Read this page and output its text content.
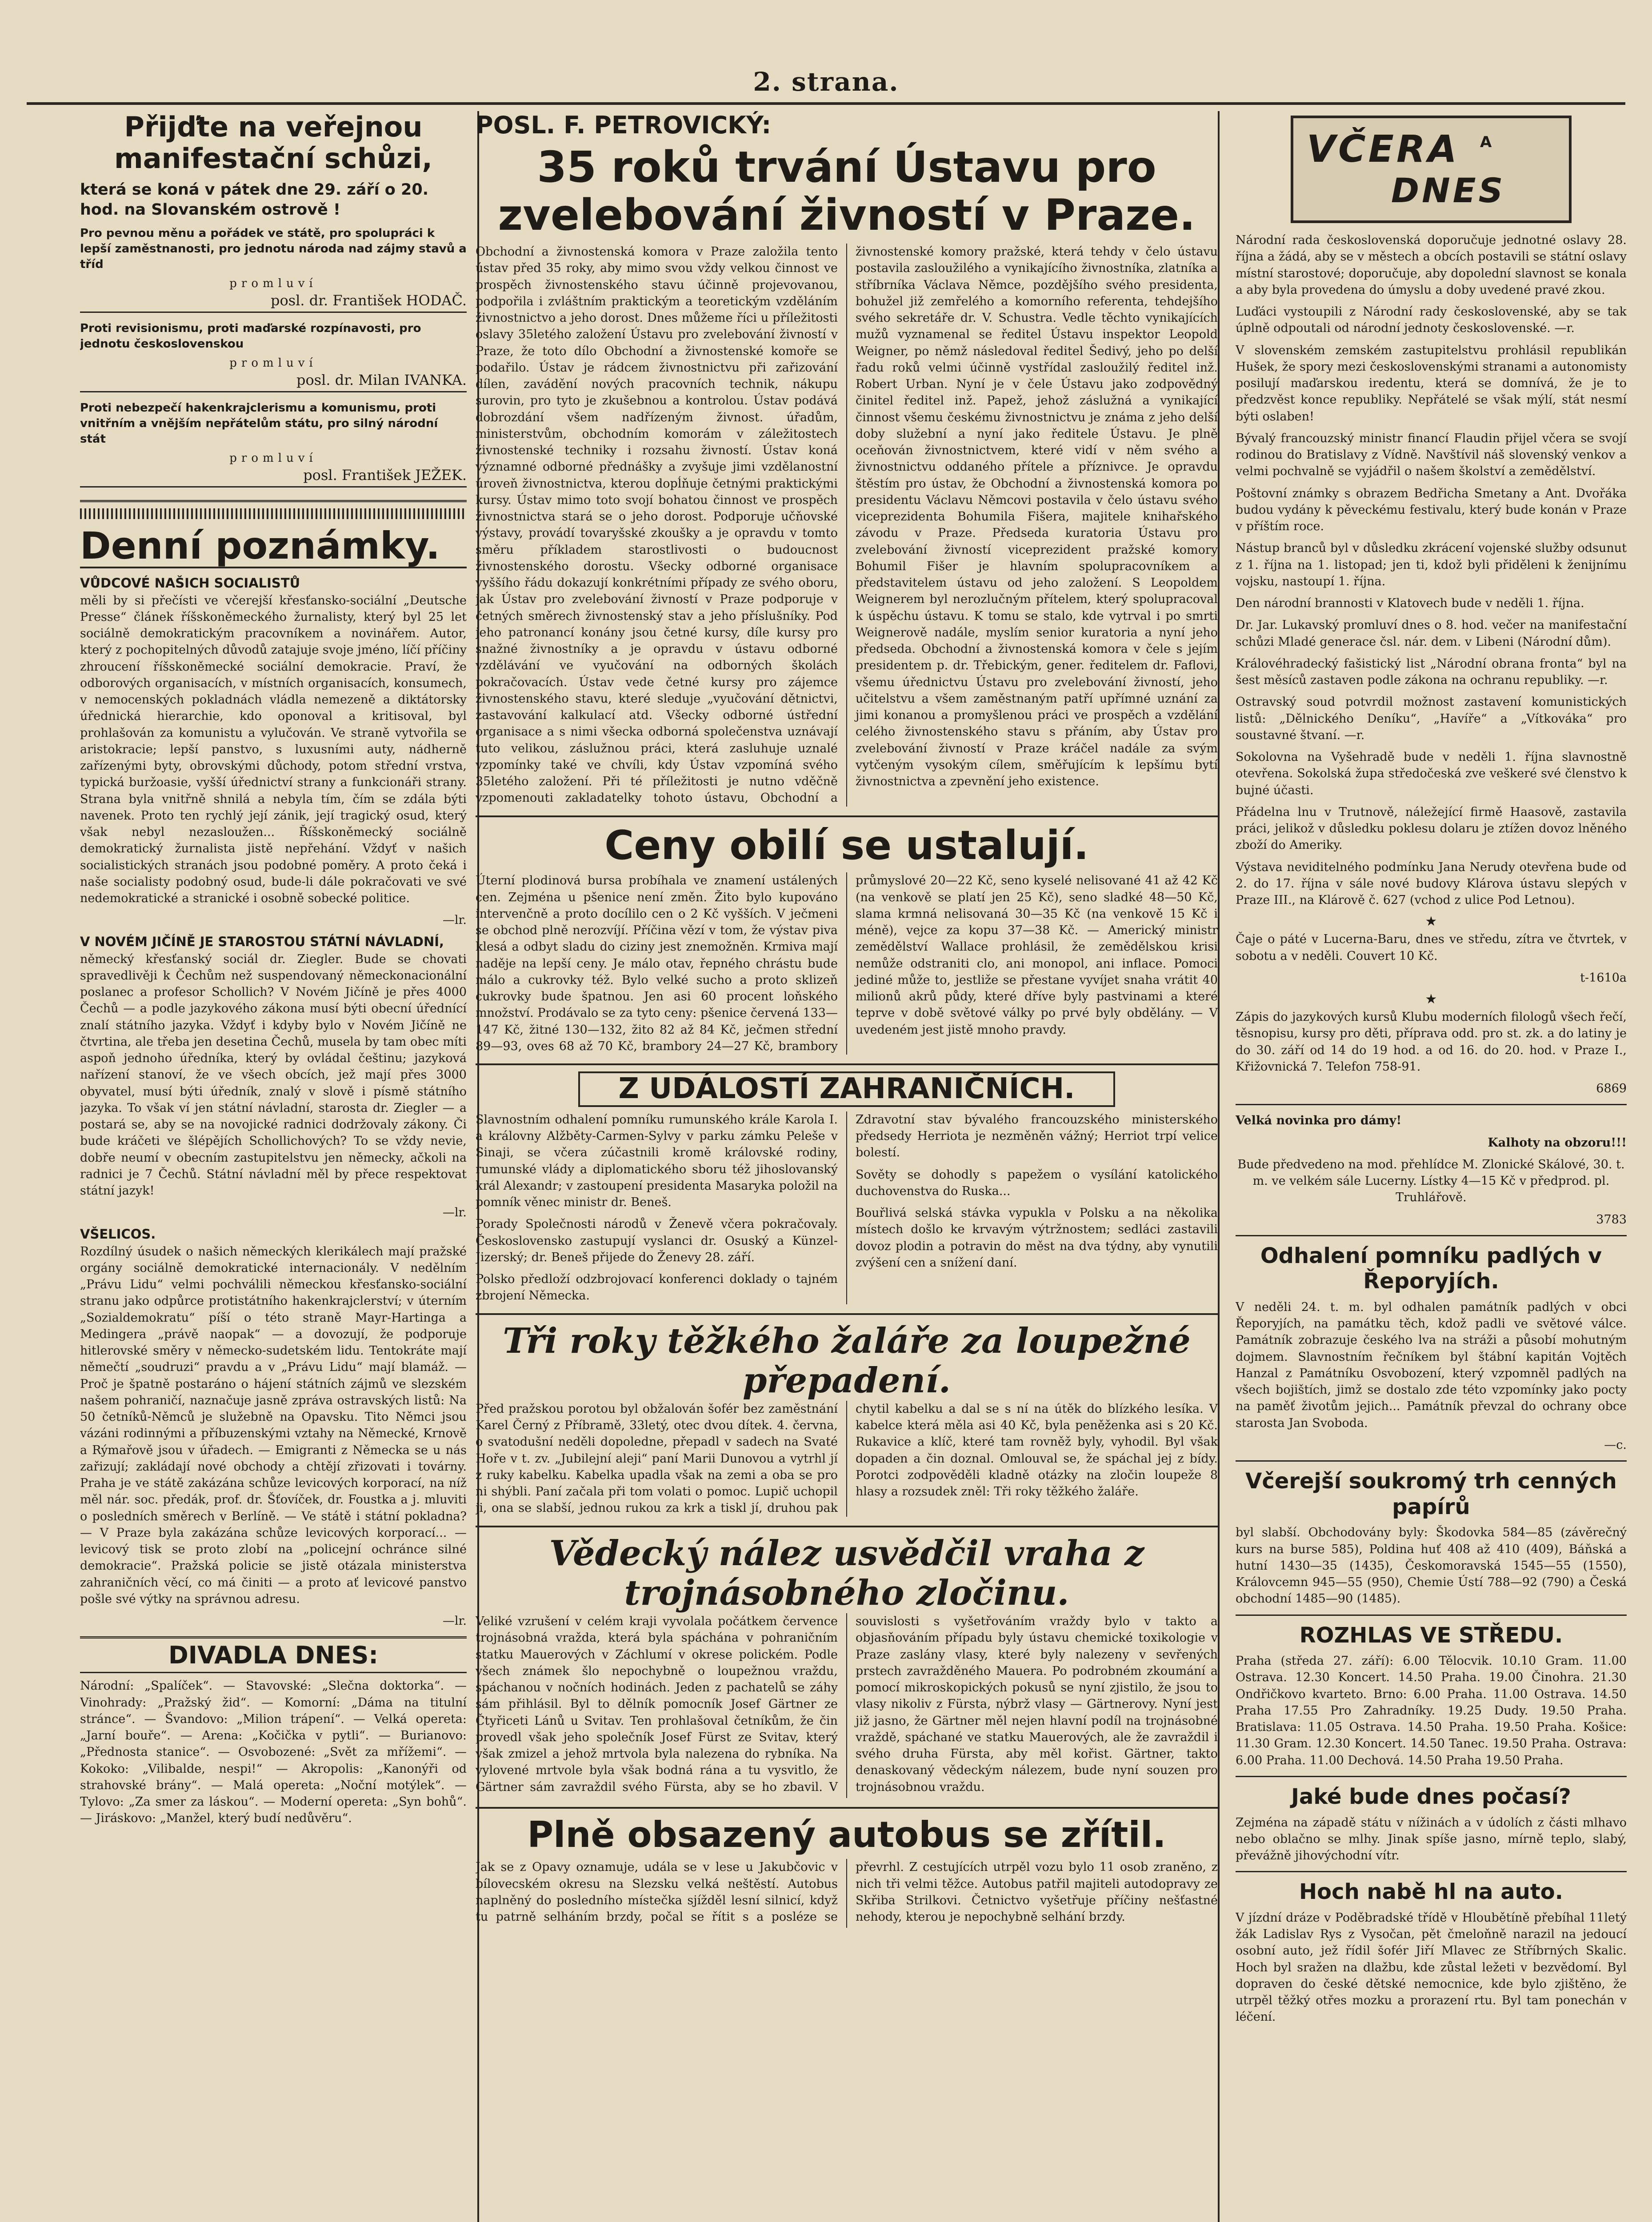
2. strana.
Přijďte na veřejnou manifestační schůzi,
která se koná v pátek dne 29. září o 20. hod. na Slovanském ostrově !
Pro pevnou měnu a pořádek ve státě, pro spolupráci k lepší zaměstnanosti, pro jednotu národa nad zájmy stavů a tříd
promluví
posl. dr. František HODAČ.
Proti revisionismu, proti maďarské rozpínavosti, pro jednotu československou
promluví
posl. dr. Milan IVANKA.
Proti nebezpečí hakenkrajclerismu a komunismu, proti vnitřním a vnějším nepřátelům státu, pro silný národní stát
promluví
posl. František JEŽEK.
Denní poznámky.
VŮDCOVÉ NAŠICH SOCIALISTŮ

měli by si přečísti ve včerejší křesťansko-sociální „Deutsche Presse“ článek říšskoněmeckého žurnalisty, který byl 25 let sociálně demokratickým pracovníkem a novinářem. Autor, který z pochopitelných důvodů zatajuje svoje jméno, líčí příčiny zhroucení říšskoněmecké sociální demokracie. Praví, že odborových organisacích, v místních organisacích, konsumech, v nemocenských pokladnách vládla nemezeně a diktátorsky úřednická hierarchie, kdo oponoval a kritisoval, byl prohlašován za komunistu a vylučován. Ve straně vytvořila se aristokracie; lepší panstvo, s luxusními auty, nádherně zařízenými byty, obrovskými důchody, potom střední vrstva, typická buržoasie, vyšší úřednictví strany a funkcionáři strany. Strana byla vnitřně shnilá a nebyla tím, čím se zdála býti navenek. Proto ten rychlý její zánik, její tragický osud, který však nebyl nezasloužen... Říšskoněmecký sociálně demokratický žurnalista jistě nepřehání. Vždyť v našich socialistických stranách jsou podobné poměry. A proto čeká i naše socialisty podobný osud, bude-li dále pokračovati ve své nedemokratické a stranické i osobně sobecké politice.

—lr.

V NOVÉM JIČÍNĚ JE STAROSTOU STÁTNÍ NÁVLADNÍ,

německý křesťanský sociál dr. Ziegler. Bude se chovati spravedlivěji k Čechům než suspendovaný německonacionální poslanec a profesor Schollich? V Novém Jičíně je přes 4000 Čechů — a podle jazykového zákona musí býti obecní úřednící znalí státního jazyka. Vždyť i kdyby bylo v Novém Jičíně ne čtvrtina, ale třeba jen desetina Čechů, musela by tam obec míti aspoň jednoho úředníka, který by ovládal češtinu; jazyková nařízení stanoví, že ve všech obcích, jež mají přes 3000 obyvatel, musí býti úředník, znalý v slově i písmě státního jazyka. To však ví jen státní návladní, starosta dr. Ziegler — a postará se, aby se na novojické radnici dodržovaly zákony. Či bude kráčeti ve šlépějích Schollichových? To se vždy nevie, dobře neumí v obecním zastupitelstvu jen německy, ačkoli na radnici je 7 Čechů. Státní návladní měl by přece respektovat státní jazyk!

—lr.

VŠELICOS.

Rozdílný úsudek o našich německých klerikálech mají pražské orgány sociálně demokratické internacionály. V nedělním „Právu Lidu“ velmi pochválili německou křesťansko-sociální stranu jako odpůrce protistátního hakenkrajclerství; v úterním „Sozialdemokratu“ píší o této straně Mayr-Hartinga a Medingera „právě naopak“ — a dovozují, že podporuje hitlerovské směry v německo-sudetském lidu. Tentokráte mají němečtí „soudruzi“ pravdu a v „Právu Lidu“ mají blamáž. — Proč je špatně postaráno o hájení státních zájmů ve slezském našem pohraničí, naznačuje jasně zpráva ostravských listů: Na 50 četníků-Němců je služebně na Opavsku. Tito Němci jsou vázáni rodinnými a příbuzenskými vztahy na Německé, Krnově a Rýmařově jsou v úřadech. — Emigranti z Německa se u nás zařizují; zakládají nové obchody a chtějí zřizovati i továrny. Praha je ve státě zakázána schůze levicových korporací, na níž měl nár. soc. předák, prof. dr. Šťovíček, dr. Foustka a j. mluviti o posledních směrech v Berlíně. — Ve státě i státní pokladna? — V Praze byla zakázána schůze levicových korporací... — levicový tisk se proto zlobí na „policejní ochránce silné demokracie“. Pražská policie se jistě otázala ministerstva zahraničních věcí, co má činiti — a proto ať levicové panstvo pošle své výtky na správnou adresu.

—lr.

DIVADLA DNES:

Národní: „Spalíček“. — Stavovské: „Slečna doktorka“. — Vinohrady: „Pražský žid“. — Komorní: „Dáma na titulní stránce“. — Švandovo: „Milion trápení“. — Velká opereta: „Jarní bouře“. — Arena: „Kočička v pytli“. — Burianovo: „Přednosta stanice“. — Osvobozené: „Svět za mřížemi“. — Kokoko: „Vilibalde, nespi!“ — Akropolis: „Kanonýři od strahovské brány“. — Malá opereta: „Noční motýlek“. — Tylovo: „Za smer za láskou“. — Moderní opereta: „Syn bohů“. — Jiráskovo: „Manžel, který budí nedůvěru“.

POSL. F. PETROVICKÝ:
35 roků trvání Ústavu pro zvelebování živností v Praze.

Obchodní a živnostenská komora v Praze založila tento ústav před 35 roky, aby mimo svou vždy velkou činnost ve prospěch živnostenského stavu účinně projevovanou, podpořila i zvláštním praktickým a teoretickým vzděláním živnostnictvo a jeho dorost. Dnes můžeme říci u příležitosti oslavy 35letého založení Ústavu pro zvelebování živností v Praze, že toto dílo Obchodní a živnostenské komoře se podařilo. Ústav je rádcem živnostnictvu při zařizování dílen, zavádění nových pracovních technik, nákupu surovin, pro tyto je zkušebnou a kontrolou. Ústav podává dobrozdání všem nadřízeným živnost. úřadům, ministerstvům, obchodním komorám v záležitostech živnostenské techniky i rozsahu živností. Ústav koná významné odborné přednášky a zvyšuje jimi vzdělanostní úroveň živnostnictva, kterou dopĺňuje četnými praktickými kursy. Ústav mimo toto svojí bohatou činnost ve prospěch živnostnictva stará se o jeho dorost. Podporuje učňovské výstavy, provádí tovaryšské zkoušky a je opravdu v tomto směru příkladem starostlivosti o budoucnost živnostenského dorostu. Všecky odborné organisace vyššího řádu dokazují konkrétními případy ze svého oboru, jak Ústav pro zvelebování živností v Praze podporuje v četných směrech živnostenský stav a jeho příslušníky. Pod jeho patronancí konány jsou četné kursy, díle kursy pro snažné živnostníky a je opravdu v ústavu odborné vzdělávání ve vyučování na odborných školách pokračovacích. Ústav vede četné kursy pro zájemce živnostenského stavu, které sleduje „vyučování dětnictvi, zastavování kalkulací atd. Všecky odborné ústřední organisace a s nimi všecka odborná společenstva uznávají tuto velikou, záslužnou práci, která zasluhuje uznalé vzpomínky také ve chvíli, kdy Ústav vzpomíná svého 35letého založení. Při té příležitosti je nutno vděčně vzpomenouti zakladatelky tohoto ústavu, Obchodní a živnostenské komory pražské, která tehdy v čelo ústavu postavila zasloužilého a vynikajícího živnostníka, zlatníka a stříbrníka Václava Němce, pozdějšího svého presidenta, bohužel již zemřelého a komorního referenta, tehdejšího svého sekretáře dr. V. Schustra. Vedle těchto vynikajících mužů vyznamenal se ředitel Ústavu inspektor Leopold Weigner, po němž následoval ředitel Šedivý, jeho po delší řadu roků velmi účinně vystřídal zasloužilý ředitel inž. Robert Urban. Nyní je v čele Ústavu jako zodpovědný činitel ředitel inž. Papež, jehož záslužná a vynikající činnost všemu českému živnostnictvu je známa z jeho delší doby služební a nyní jako ředitele Ústavu. Je plně oceňován živnostnictvem, které vidí v něm svého a živnostnictvu oddaného přítele a příznivce. Je opravdu štěstím pro ústav, že Obchodní a živnostenská komora po presidentu Václavu Němcovi postavila v čelo ústavu svého viceprezidenta Bohumila Fišera, majitele knihařského závodu v Praze. Předseda kuratoria Ústavu pro zvelebování živností viceprezident pražské komory Bohumil Fišer je hlavním spolupracovníkem a představitelem ústavu od jeho založení. S Leopoldem Weignerem byl nerozlučným přítelem, který spolupracoval k úspěchu ústavu. K tomu se stalo, kde vytrval i po smrti Weignerově nadále, myslím senior kuratoria a nyní jeho předseda. Obchodní a živnostenská komora v čele s jejím presidentem p. dr. Třebickým, gener. ředitelem dr. Faflovi, všemu úřednictvu Ústavu pro zvelebování živností, jeho učitelstvu a všem zaměstnaným patří upřímné uznání za jimi konanou a promyšlenou práci ve prospěch a vzdělání celého živnostenského stavu s přáním, aby Ústav pro zvelebování živností v Praze kráčel nadále za svým vytčeným vysokým cílem, směřujícím k lepšímu bytí živnostnictva a zpevnění jeho existence.

Ceny obilí se ustalují.

Úterní plodinová bursa probíhala ve znamení ustálených cen. Zejména u pšenice není změn. Žito bylo kupováno intervenčně a proto docílilo cen o 2 Kč vyšších. V ječmeni se obchod plně nerozvíjí. Příčina vězí v tom, že výstav piva klesá a odbyt sladu do ciziny jest znemožněn. Krmiva mají naděje na lepší ceny. Je málo otav, řepného chrástu bude málo a cukrovky též. Bylo velké sucho a proto sklizeň cukrovky bude špatnou. Jen asi 60 procent loňského množství. Prodávalo se za tyto ceny: pšenice červená 133—147 Kč, žitné 130—132, žito 82 až 84 Kč, ječmen střední 89—93, oves 68 až 70 Kč, brambory 24—27 Kč, brambory průmyslové 20—22 Kč, seno kyselé nelisované 41 až 42 Kč (na venkově se platí jen 25 Kč), seno sladké 48—50 Kč, slama krmná nelisovaná 30—35 Kč (na venkově 15 Kč i méně), vejce za kopu 37—38 Kč. — Americký ministr zemědělství Wallace prohlásil, že zemědělskou krisi nemůže odstraniti clo, ani monopol, ani inflace. Pomoci jediné může to, jestliže se přestane vyvíjet snaha vrátit 40 milionů akrů půdy, které dříve byly pastvinami a které teprve v době světové války po prvé byly obdělány. — V uvedeném jest jistě mnoho pravdy.

Z UDÁLOSTÍ ZAHRANIČNÍCH.

Slavnostním odhalení pomníku rumunského krále Karola I. a královny Alžběty-Carmen-Sylvy v parku zámku Peleše v Sinaji, se včera zúčastnili kromě královské rodiny, rumunské vlády a diplomatického sboru též jihoslovanský král Alexandr; v zastoupení presidenta Masaryka položil na pomník věnec ministr dr. Beneš.

Porady Společnosti národů v Ženevě včera pokračovaly. Československo zastupují vyslanci dr. Osuský a Künzel-Jizerský; dr. Beneš přijede do Ženevy 28. září.

Polsko předloží odzbrojovací konferenci doklady o tajném zbrojení Německa.

Zdravotní stav bývalého francouzského ministerského předsedy Herriota je nezměněn vážný; Herriot trpí velice bolestí.

Sověty se dohodly s papežem o vysílání katolického duchovenstva do Ruska...

Bouřlivá selská stávka vypukla v Polsku a na několika místech došlo ke krvavým výtržnostem; sedláci zastavili dovoz plodin a potravin do měst na dva týdny, aby vynutili zvýšení cen a snížení daní.

Tři roky těžkého žaláře za loupežné přepadení.

Před pražskou porotou byl obžalován šofér bez zaměstnání Karel Černý z Příbramě, 33letý, otec dvou dítek. 4. června, o svatodušní neděli dopoledne, přepadl v sadech na Svaté Hoře v t. zv. „Jubilejní aleji“ paní Marii Dunovou a vytrhl jí z ruky kabelku. Kabelka upadla však na zemi a oba se pro ni shýbli. Paní začala při tom volati o pomoc. Lupič uchopil ji, ona se slabší, jednou rukou za krk a tiskl jí, druhou pak chytil kabelku a dal se s ní na útěk do blízkého lesíka. V kabelce která měla asi 40 Kč, byla peněženka asi s 20 Kč. Rukavice a klíč, které tam rovněž byly, vyhodil. Byl však dopaden a čin doznal. Omlouval se, že spáchal jej z bídy. Porotci zodpověděli kladně otázky na zločin loupeže 8 hlasy a rozsudek zněl: Tři roky těžkého žaláře.

Vědecký nález usvědčil vraha z trojnásobného zločinu.

Veliké vzrušení v celém kraji vyvolala počátkem července trojnásobná vražda, která byla spáchána v pohraničním statku Mauerových v Záchlumí v okrese polickém. Podle všech známek šlo nepochybně o loupežnou vraždu, spáchanou v nočních hodinách. Jeden z pachatelů se záhy sám přihlásil. Byl to dělník pomocník Josef Gärtner ze Čtyřiceti Lánů u Svitav. Ten prohlašoval četníkům, že čin provedl však jeho společník Josef Fürst ze Svitav, který však zmizel a jehož mrtvola byla nalezena do rybníka. Na vylovené mrtvole byla však bodná rána a tu vysvitlo, že Gärtner sám zavraždil svého Fürsta, aby se ho zbavil. V souvislosti s vyšetřováním vraždy bylo v takto a objasňováním případu byly ústavu chemické toxikologie v Praze zaslány vlasy, které byly nalezeny v sevřených prstech zavražděného Mauera. Po podrobném zkoumání a pomocí mikroskopických pokusů se nyní zjistilo, že jsou to vlasy nikoliv z Fürsta, nýbrž vlasy — Gärtnerovy. Nyní jest již jasno, že Gärtner měl nejen hlavní podíl na trojnásobné vraždě, spáchané ve statku Mauerových, ale že zavraždil i svého druha Fürsta, aby měl kořist. Gärtner, takto denaskovaný vědeckým nálezem, bude nyní souzen pro trojnásobnou vraždu.

Plně obsazený autobus se zřítil.

Jak se z Opavy oznamuje, udála se v lese u Jakubčovic v bílovecském okresu na Slezsku velká neštěstí. Autobus naplněný do posledního místečka sjížděl lesní silnicí, když tu patrně selháním brzdy, počal se řítit s a posléze se převrhl. Z cestujících utrpěl vozu bylo 11 osob zraněno, z nich tři velmi těžce. Autobus patřil majiteli autodopravy ze Skřiba Strilkovi. Četnictvo vyšetřuje příčiny nešťastné nehody, kterou je nepochybně selhání brzdy.

VČERA A
DNES

Národní rada československá doporučuje jednotné oslavy 28. října a žádá, aby se v městech a obcích postavili se státní oslavy místní starostové; doporučuje, aby dopolední slavnost se konala a aby byla provedena do úmyslu a doby uvedené pravé zkou.

Luďáci vystoupili z Národní rady československé, aby se tak úplně odpoutali od národní jednoty československé. —r.

V slovenském zemském zastupitelstvu prohlásil republikán Hušek, že spory mezi československými stranami a autonomisty posilují maďarskou iredentu, která se domnívá, že je to předzvěst konce republiky. Nepřátelé se však mýlí, stát nesmí býti oslaben!

Bývalý francouzský ministr financí Flaudin přijel včera se svojí rodinou do Bratislavy z Vídně. Navštívil náš slovenský venkov a velmi pochvalně se vyjádřil o našem školství a zemědělství.

Poštovní známky s obrazem Bedřicha Smetany a Ant. Dvořáka budou vydány k pěveckému festivalu, který bude konán v Praze v příštím roce.

Nástup branců byl v důsledku zkrácení vojenské služby odsunut z 1. října na 1. listopad; jen ti, kdož byli přiděleni k ženijnímu vojsku, nastoupí 1. října.

Den národní brannosti v Klatovech bude v neděli 1. října.

Dr. Jar. Lukavský promluví dnes o 8. hod. večer na manifestační schůzi Mladé generace čsl. nár. dem. v Libeni (Národní dům).

Královéhradecký fašistický list „Národní obrana fronta“ byl na šest měsíců zastaven podle zákona na ochranu republiky. —r.

Ostravský soud potvrdil možnost zastavení komunistických listů: „Dělnického Deníku“, „Havíře“ a „Vítkováka“ pro soustavné štvaní. —r.

Sokolovna na Vyšehradě bude v neděli 1. října slavnostně otevřena. Sokolská župa středočeská zve veškeré své členstvo k bujné účasti.

Přádelna lnu v Trutnově, náležející firmě Haasově, zastavila práci, jelikož v důsledku poklesu dolaru je ztížen dovoz lněného zboží do Ameriky.

Výstava neviditelného podmínku Jana Nerudy otevřena bude od 2. do 17. října v sále nové budovy Klárova ústavu slepých v Praze III., na Klárově č. 627 (vchod z ulice Pod Letnou).

★

Čaje o páté v Lucerna-Baru, dnes ve středu, zítra ve čtvrtek, v sobotu a v neděli. Couvert 10 Kč.

t-1610a

★

Zápis do jazykových kursů Klubu moderních filologů všech řečí, těsnopisu, kursy pro děti, příprava odd. pro st. zk. a do latiny je do 30. září od 14 do 19 hod. a od 16. do 20. hod. v Praze I., Křižovnická 7. Telefon 758-91.

6869

Velká novinka pro dámy!

Kalhoty na obzoru!!!

Bude předvedeno na mod. přehlídce M. Zlonické Skálové, 30. t. m. ve velkém sále Lucerny. Lístky 4—15 Kč v předprod. pl. Truhlářově.

3783

Odhalení pomníku padlých v Řeporyjích.

V neděli 24. t. m. byl odhalen památník padlých v obci Řeporyjích, na památku těch, kdož padli ve světové válce. Památník zobrazuje českého lva na stráži a působí mohutným dojmem. Slavnostním řečníkem byl štábní kapitán Vojtěch Hanzal z Památníku Osvobození, který vzpomněl padlých na všech bojištích, jimž se dostalo zde této vzpomínky jako pocty na paměť životům jejich... Památník převzal do ochrany obce starosta Jan Svoboda.

—c.

Včerejší soukromý trh cenných papírů

byl slabší. Obchodovány byly: Škodovka 584—85 (závěrečný kurs na burse 585), Poldina huť 408 až 410 (409), Báňská a hutní 1430—35 (1435), Českomoravská 1545—55 (1550), Královcemn 945—55 (950), Chemie Ústí 788—92 (790) a Česká obchodní 1485—90 (1485).

ROZHLAS VE STŘEDU.

Praha (středa 27. září): 6.00 Tělocvik. 10.10 Gram. 11.00 Ostrava. 12.30 Koncert. 14.50 Praha. 19.00 Činohra. 21.30 Ondřičkovo kvarteto. Brno: 6.00 Praha. 11.00 Ostrava. 14.50 Praha 17.55 Pro Zahradníky. 19.25 Dudy. 19.50 Praha. Bratislava: 11.05 Ostrava. 14.50 Praha. 19.50 Praha. Košice: 11.30 Gram. 12.30 Koncert. 14.50 Tanec. 19.50 Praha. Ostrava: 6.00 Praha. 11.00 Dechová. 14.50 Praha 19.50 Praha.

Jaké bude dnes počasí?

Zejména na západě státu v nížinách a v údolích z části mlhavo nebo oblačno se mlhy. Jinak spíše jasno, mírně teplo, slabý, převážně jihovýchodní vítr.

Hoch nabě hl na auto.

V jízdní dráze v Poděbradské třídě v Hloubětíně přebíhal 11letý žák Ladislav Rys z Vysočan, pět čmeloňně narazil na jedoucí osobní auto, jež řídil šofér Jiří Mlavec ze Stříbrných Skalic. Hoch byl sražen na dlažbu, kde zůstal ležeti v bezvědomí. Byl dopraven do české dětské nemocnice, kde bylo zjištěno, že utrpěl těžký otřes mozku a prorazení rtu. Byl tam ponechán v léčení.
